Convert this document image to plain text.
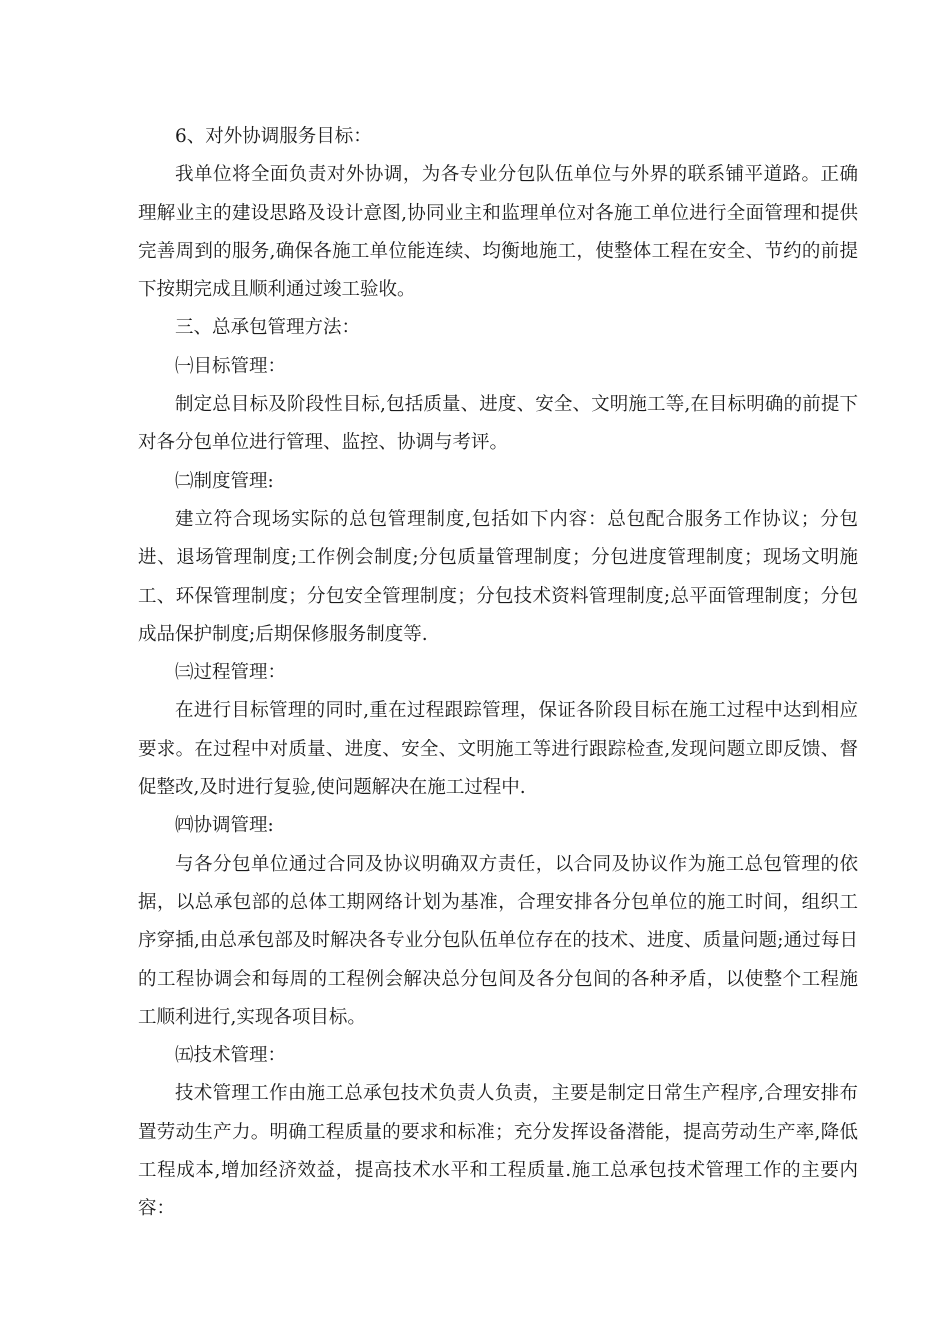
6、对外协调服务目标：

我单位将全面负责对外协调，为各专业分包队伍单位与外界的联系铺平道路。正确理解业主的建设思路及设计意图,协同业主和监理单位对各施工单位进行全面管理和提供完善周到的服务,确保各施工单位能连续、均衡地施工，使整体工程在安全、节约的前提下按期完成且顺利通过竣工验收。

三、总承包管理方法：

㈠目标管理：

制定总目标及阶段性目标,包括质量、进度、安全、文明施工等,在目标明确的前提下对各分包单位进行管理、监控、协调与考评。

㈡制度管理:

建立符合现场实际的总包管理制度,包括如下内容：总包配合服务工作协议；分包进、退场管理制度;工作例会制度;分包质量管理制度；分包进度管理制度；现场文明施工、环保管理制度；分包安全管理制度；分包技术资料管理制度;总平面管理制度；分包成品保护制度;后期保修服务制度等.

㈢过程管理：

在进行目标管理的同时,重在过程跟踪管理，保证各阶段目标在施工过程中达到相应要求。在过程中对质量、进度、安全、文明施工等进行跟踪检查,发现问题立即反馈、督促整改,及时进行复验,使问题解决在施工过程中.

㈣协调管理:

与各分包单位通过合同及协议明确双方责任，以合同及协议作为施工总包管理的依据，以总承包部的总体工期网络计划为基准，合理安排各分包单位的施工时间，组织工序穿插,由总承包部及时解决各专业分包队伍单位存在的技术、进度、质量问题;通过每日的工程协调会和每周的工程例会解决总分包间及各分包间的各种矛盾，以使整个工程施工顺利进行,实现各项目标。

㈤技术管理：

技术管理工作由施工总承包技术负责人负责，主要是制定日常生产程序,合理安排布置劳动生产力。明确工程质量的要求和标准；充分发挥设备潜能，提高劳动生产率,降低工程成本,增加经济效益，提高技术水平和工程质量.施工总承包技术管理工作的主要内容：
